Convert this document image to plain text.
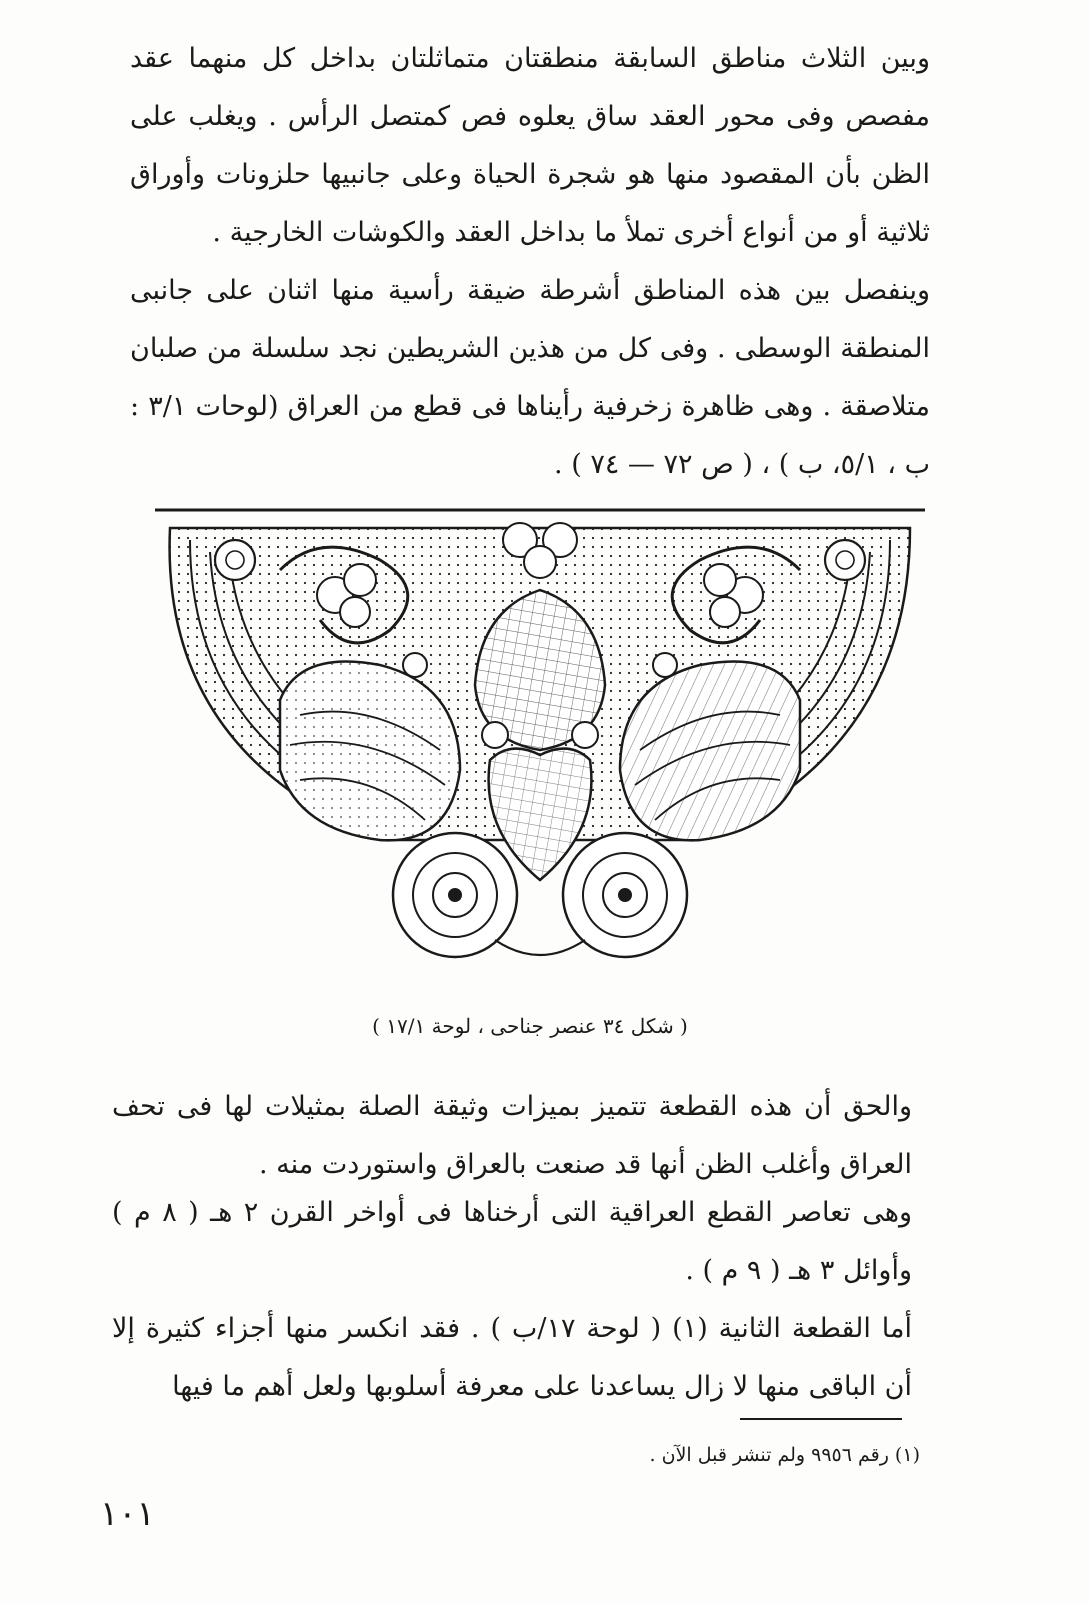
وبين الثلاث مناطق السابقة منطقتان متماثلتان بداخل كل منهما عقد مفصص وفى محور العقد ساق يعلوه فص كمتصل الرأس . ويغلب على الظن بأن المقصود منها هو شجرة الحياة وعلى جانبيها حلزونات وأوراق ثلاثية أو من أنواع أخرى تملأ ما بداخل العقد والكوشات الخارجية .

وينفصل بين هذه المناطق أشرطة ضيقة رأسية منها اثنان على جانبى المنطقة الوسطى . وفى كل من هذين الشريطين نجد سلسلة من صلبان متلاصقة . وهى ظاهرة زخرفية رأيناها فى قطع من العراق (لوحات ٣/١ : ب ، ٥/١، ب ) ، ( ص ٧٢ — ٧٤ ) .

( شكل ٣٤ عنصر جناحى ، لوحة ١٧/١ )

والحق أن هذه القطعة تتميز بميزات وثيقة الصلة بمثيلات لها فى تحف العراق وأغلب الظن أنها قد صنعت بالعراق واستوردت منه .

وهى تعاصر القطع العراقية التى أرخناها فى أواخر القرن ٢ هـ ( ٨ م ) وأوائل ٣ هـ ( ٩ م ) .

أما القطعة الثانية (١) ( لوحة ١٧/ب ) . فقد انكسر منها أجزاء كثيرة إلا أن الباقى منها لا زال يساعدنا على معرفة أسلوبها ولعل أهم ما فيها

(١) رقم ٩٩٥٦ ولم تنشر قبل الآن .

١٠١
